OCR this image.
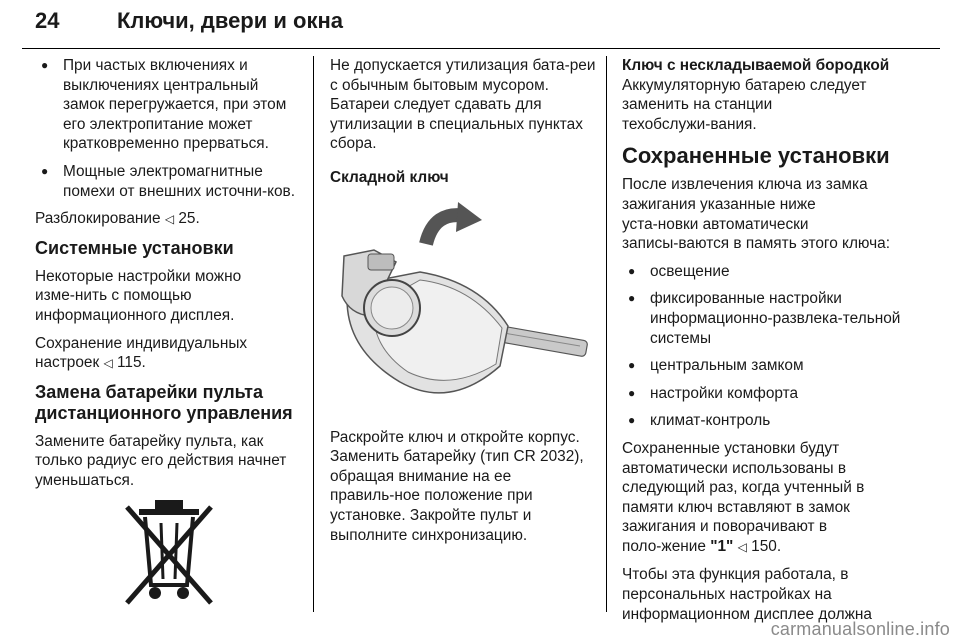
24	Ключи, двери и окна
● При частых включениях и выключениях центральный замок перегружается, при этом его электропитание может кратковременно прерваться.
● Мощные электромагнитные помехи от внешних источни‑ков.

Разблокирование ◁ 25.

Системные установки

Некоторые настройки можно изме‑нить с помощью информационного дисплея.

Сохранение индивидуальных настроек ◁ 115.

Замена батарейки пульта дистанционного управления

Замените батарейку пульта, как только радиус его действия начнет уменьшаться.

Не допускается утилизация бата‑реи с обычным бытовым мусором. Батареи следует сдавать для утилизации в специальных пунктах сбора.

Складной ключ

Раскройте ключ и откройте корпус. Заменить батарейку (тип CR 2032), обращая внимание на ее правиль‑ное положение при установке. Закройте пульт и выполните синхронизацию.

Ключ с нескладываемой бородкой

Аккумуляторную батарею следует заменить на станции техобслужи‑вания.

Сохраненные установки

После извлечения ключа из замка зажигания указанные ниже уста‑новки автоматически записы‑ваются в память этого ключа:

● освещение
● фиксированные настройки информационно‑развлека‑тельной системы
● центральным замком
● настройки комфорта
● климат‑контроль

Сохраненные установки будут автоматически использованы в следующий раз, когда учтенный в памяти ключ вставляют в замок зажигания и поворачивают в поло‑жение "1" ◁ 150.

Чтобы эта функция работала, в персональных настройках на информационном дисплее должна

carmanualsonline.info
